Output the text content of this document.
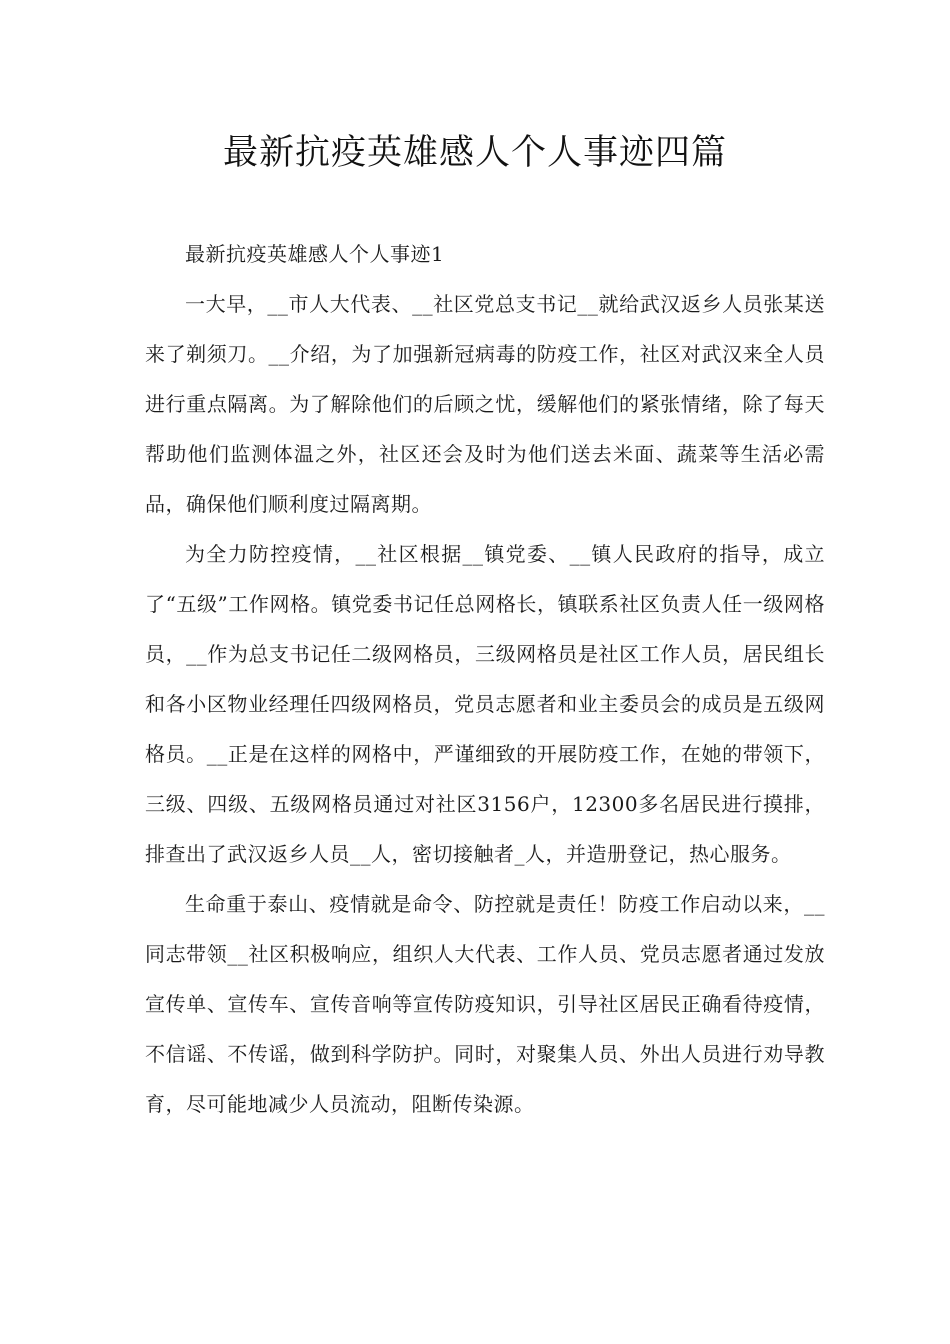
最新抗疫英雄感人个人事迹四篇

最新抗疫英雄感人个人事迹1

一大早，__市人大代表、__社区党总支书记__就给武汉返乡人员张某送来了剃须刀。__介绍，为了加强新冠病毒的防疫工作，社区对武汉来全人员进行重点隔离。为了解除他们的后顾之忧，缓解他们的紧张情绪，除了每天帮助他们监测体温之外，社区还会及时为他们送去米面、蔬菜等生活必需品，确保他们顺利度过隔离期。

为全力防控疫情，__社区根据__镇党委、__镇人民政府的指导，成立了“五级”工作网格。镇党委书记任总网格长，镇联系社区负责人任一级网格员，__作为总支书记任二级网格员，三级网格员是社区工作人员，居民组长和各小区物业经理任四级网格员，党员志愿者和业主委员会的成员是五级网格员。__正是在这样的网格中，严谨细致的开展防疫工作，在她的带领下，三级、四级、五级网格员通过对社区3156户，12300多名居民进行摸排，排查出了武汉返乡人员__人，密切接触者_人，并造册登记，热心服务。

生命重于泰山、疫情就是命令、防控就是责任！防疫工作启动以来，__同志带领__社区积极响应，组织人大代表、工作人员、党员志愿者通过发放宣传单、宣传车、宣传音响等宣传防疫知识，引导社区居民正确看待疫情，不信谣、不传谣，做到科学防护。同时，对聚集人员、外出人员进行劝导教育，尽可能地减少人员流动，阻断传染源。
